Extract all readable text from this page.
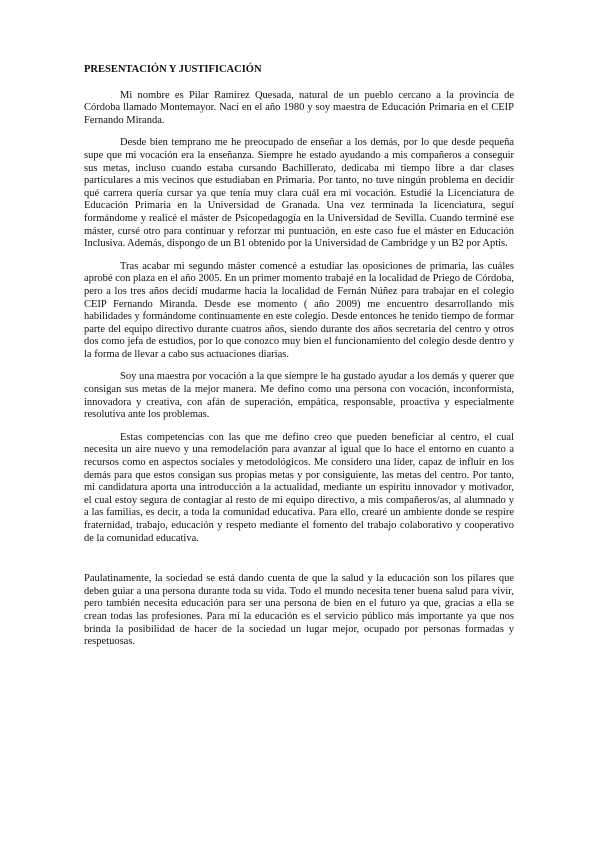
PRESENTACIÓN Y JUSTIFICACIÓN

Mi nombre es Pilar Ramírez Quesada, natural de un pueblo cercano a la provincia de Córdoba llamado Montemayor. Nací en el año 1980 y soy maestra de Educación Primaria en el CEIP Fernando Miranda.

Desde bien temprano me he preocupado de enseñar a los demás, por lo que desde pequeña supe que mi vocación era la enseñanza. Siempre he estado ayudando a mis compañeros a conseguir sus metas, incluso cuando estaba cursando Bachillerato, dedicaba mi tiempo libre a dar clases particulares a mis vecinos que estudiaban en Primaria. Por tanto, no tuve ningún problema en decidir qué carrera quería cursar ya que tenía muy clara cuál era mi vocación. Estudié la Licenciatura de Educación Primaria en la Universidad de Granada. Una vez terminada la licenciatura, seguí formándome y realicé el máster de Psicopedagogía en la Universidad de Sevilla. Cuando terminé ese máster, cursé otro para continuar y reforzar mi puntuación, en este caso fue el máster en Educación Inclusiva. Además, dispongo de un B1 obtenido por la Universidad de Cambridge y un B2 por Aptis.

Tras acabar mi segundo máster comencé a estudiar las oposiciones de primaria, las cuáles aprobé con plaza en el año 2005. En un primer momento trabajé en la localidad de Priego de Córdoba, pero a los tres años decidí mudarme hacia la localidad de Fernán Núñez para trabajar en el colegio CEIP Fernando Miranda. Desde ese momento ( año 2009) me encuentro desarrollando mis habilidades y formándome continuamente en este colegio. Desde entonces he tenido tiempo de formar parte del equipo directivo durante cuatros años, siendo durante dos años secretaria del centro y otros dos como jefa de estudios, por lo que conozco muy bien el funcionamiento del colegio desde dentro y la forma de llevar a cabo sus actuaciones diarias.

Soy una maestra por vocación a la que siempre le ha gustado ayudar a los demás y querer que consigan sus metas de la mejor manera. Me defino como una persona con vocación, inconformista, innovadora y creativa, con afán de superación, empática, responsable, proactiva y especialmente resolutiva ante los problemas.

Estas competencias con las que me defino creo que pueden beneficiar al centro, el cual necesita un aire nuevo y una remodelación para avanzar al igual que lo hace el entorno en cuanto a recursos como en aspectos sociales y metodológicos. Me considero una líder, capaz de influir en los demás para que estos consigan sus propias metas y por consiguiente, las metas del centro. Por tanto, mi candidatura aporta una introducción a la actualidad, mediante un espíritu innovador y motivador, el cual estoy segura de contagiar al resto de mi equipo directivo, a mis compañeros/as, al alumnado y a las familias, es decir, a toda la comunidad educativa. Para ello, crearé un ambiente donde se respire fraternidad, trabajo, educación y respeto mediante el fomento del trabajo colaborativo y cooperativo de la comunidad educativa.

Paulatinamente, la sociedad se está dando cuenta de que la salud y la educación son los pilares que deben guiar a una persona durante toda su vida. Todo el mundo necesita tener buena salud para vivir, pero también necesita educación para ser una persona de bien en el futuro ya que, gracias a ella se crean todas las profesiones. Para mí la educación es el servicio público más importante ya que nos brinda la posibilidad de hacer de la sociedad un lugar mejor, ocupado por personas formadas y respetuosas.
